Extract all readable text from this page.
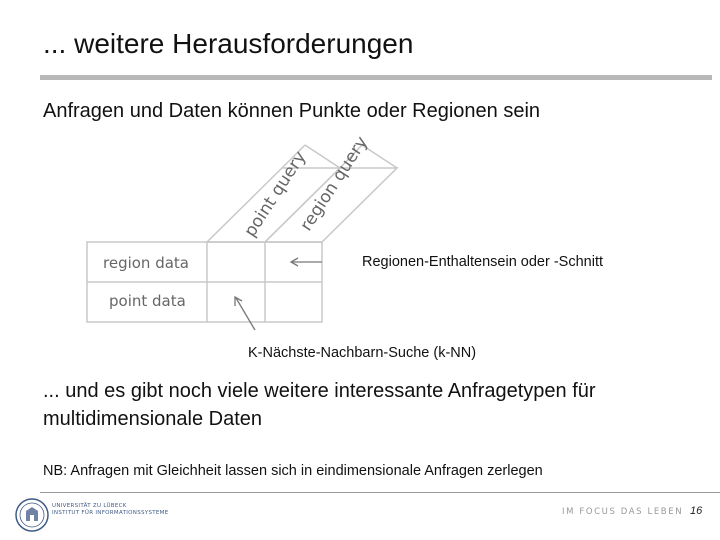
... weitere Herausforderungen
Anfragen und Daten können Punkte oder Regionen sein
point query
region query
region data
point data
Regionen-Enthaltensein oder -Schnitt
K-Nächste-Nachbarn-Suche (k-NN)
... und es gibt noch viele weitere interessante Anfragetypen für multidimensionale Daten
NB: Anfragen mit Gleichheit lassen sich in eindimensionale Anfragen zerlegen
UNIVERSITÄT ZU LÜBECK
INSTITUT FÜR INFORMATIONSSYSTEME	IM FOCUS DAS LEBEN 16
